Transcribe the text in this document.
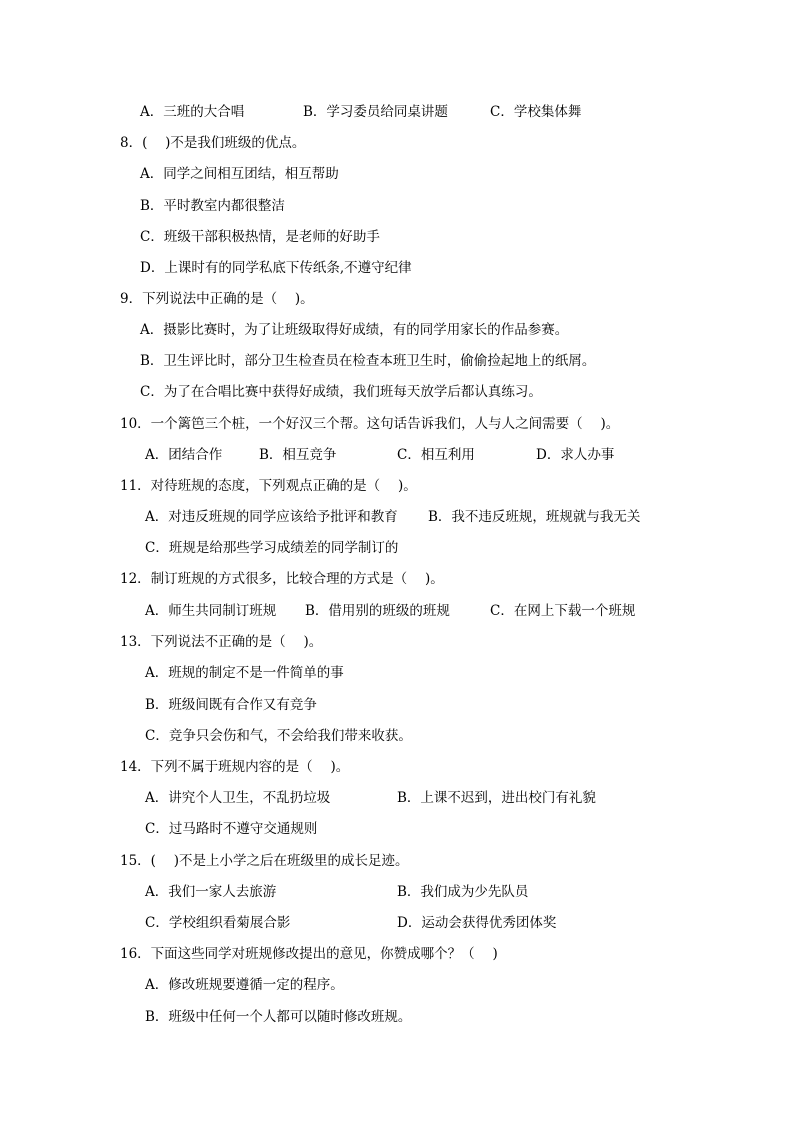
A．三班的大合唱	B．学习委员给同桌讲题	C．学校集体舞
8．(　 )不是我们班级的优点。
A．同学之间相互团结，相互帮助
B．平时教室内都很整洁
C．班级干部积极热情，是老师的好助手
D．上课时有的同学私底下传纸条,不遵守纪律
9．下列说法中正确的是（　 )。
A．摄影比赛时，为了让班级取得好成绩，有的同学用家长的作品参赛。
B．卫生评比时，部分卫生检查员在检查本班卫生时，偷偷捡起地上的纸屑。
C．为了在合唱比赛中获得好成绩，我们班每天放学后都认真练习。
10．一个篱笆三个桩，一个好汉三个帮。这句话告诉我们，人与人之间需要（　 )。
A．团结合作	B．相互竞争	C．相互利用	D．求人办事
11．对待班规的态度，下列观点正确的是（　 )。
A．对违反班规的同学应该给予批评和教育 B．我不违反班规，班规就与我无关
C．班规是给那些学习成绩差的同学制订的
12．制订班规的方式很多，比较合理的方式是（　 )。
A．师生共同制订班规 B．借用别的班级的班规	C．在网上下载一个班规
13．下列说法不正确的是（　 )。
A．班规的制定不是一件简单的事
B．班级间既有合作又有竞争
C．竞争只会伤和气，不会给我们带来收获。
14．下列不属于班规内容的是（　 )。
A．讲究个人卫生，不乱扔垃圾	B．上课不迟到，进出校门有礼貌
C．过马路时不遵守交通规则
15．(　 )不是上小学之后在班级里的成长足迹。
A．我们一家人去旅游	B．我们成为少先队员
C．学校组织看菊展合影	D．运动会获得优秀团体奖
16．下面这些同学对班规修改提出的意见，你赞成哪个？（　 )
A．修改班规要遵循一定的程序。
B．班级中任何一个人都可以随时修改班规。
